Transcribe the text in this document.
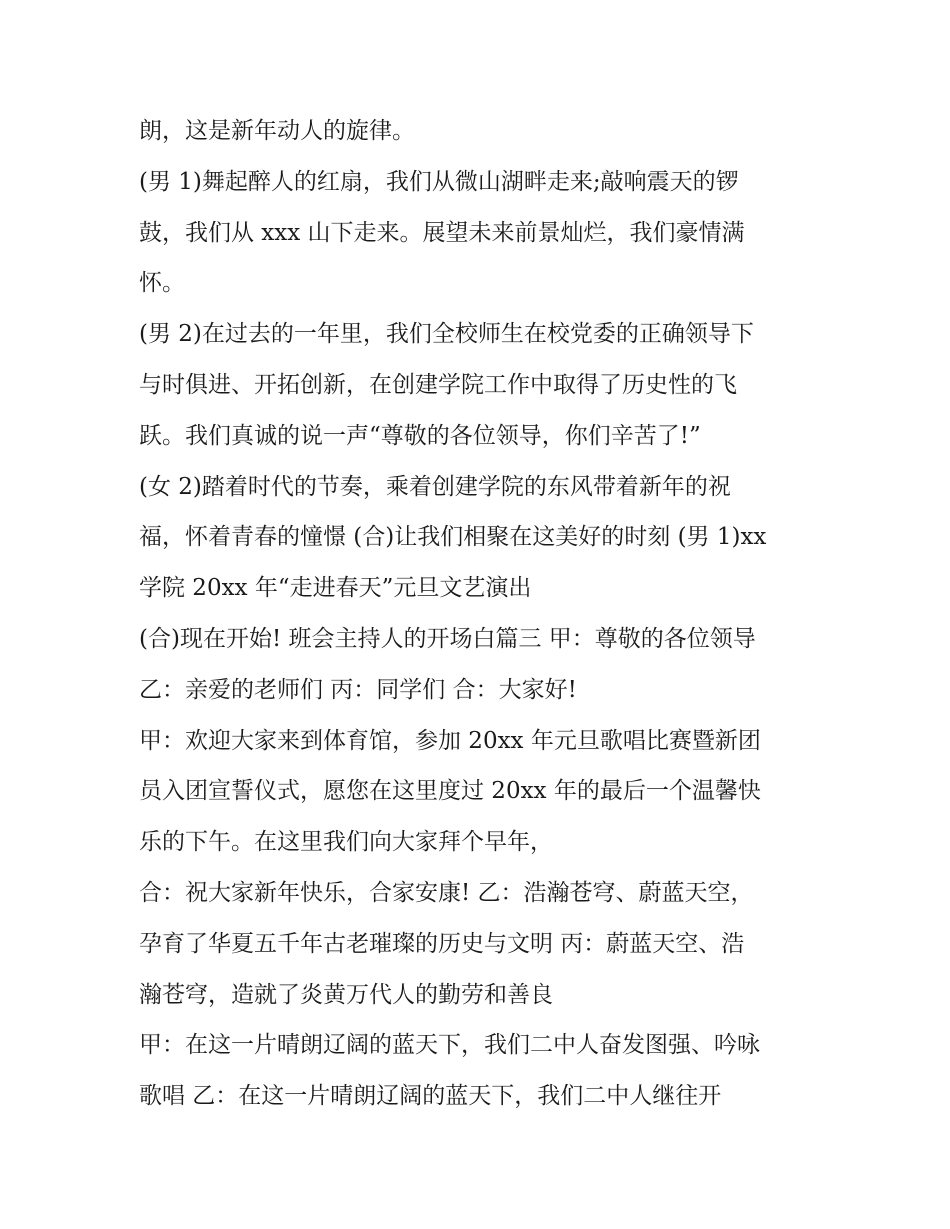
朗，这是新年动人的旋律。
(男 1)舞起醉人的红扇，我们从微山湖畔走来;敲响震天的锣
鼓，我们从 xxx 山下走来。展望未来前景灿烂，我们豪情满
怀。
(男 2)在过去的一年里，我们全校师生在校党委的正确领导下
与时俱进、开拓创新，在创建学院工作中取得了历史性的飞
跃。我们真诚的说一声“尊敬的各位领导，你们辛苦了!”
(女 2)踏着时代的节奏，乘着创建学院的东风带着新年的祝
福，怀着青春的憧憬 (合)让我们相聚在这美好的时刻 (男 1)xx
学院 20xx 年“走进春天”元旦文艺演出
(合)现在开始! 班会主持人的开场白篇三 甲：尊敬的各位领导
乙：亲爱的老师们 丙：同学们 合：大家好!
甲：欢迎大家来到体育馆，参加 20xx 年元旦歌唱比赛暨新团
员入团宣誓仪式，愿您在这里度过 20xx 年的最后一个温馨快
乐的下午。在这里我们向大家拜个早年，
合：祝大家新年快乐，合家安康! 乙：浩瀚苍穹、蔚蓝天空，
孕育了华夏五千年古老璀璨的历史与文明 丙：蔚蓝天空、浩
瀚苍穹，造就了炎黄万代人的勤劳和善良
甲：在这一片晴朗辽阔的蓝天下，我们二中人奋发图强、吟咏
歌唱 乙：在这一片晴朗辽阔的蓝天下，我们二中人继往开
